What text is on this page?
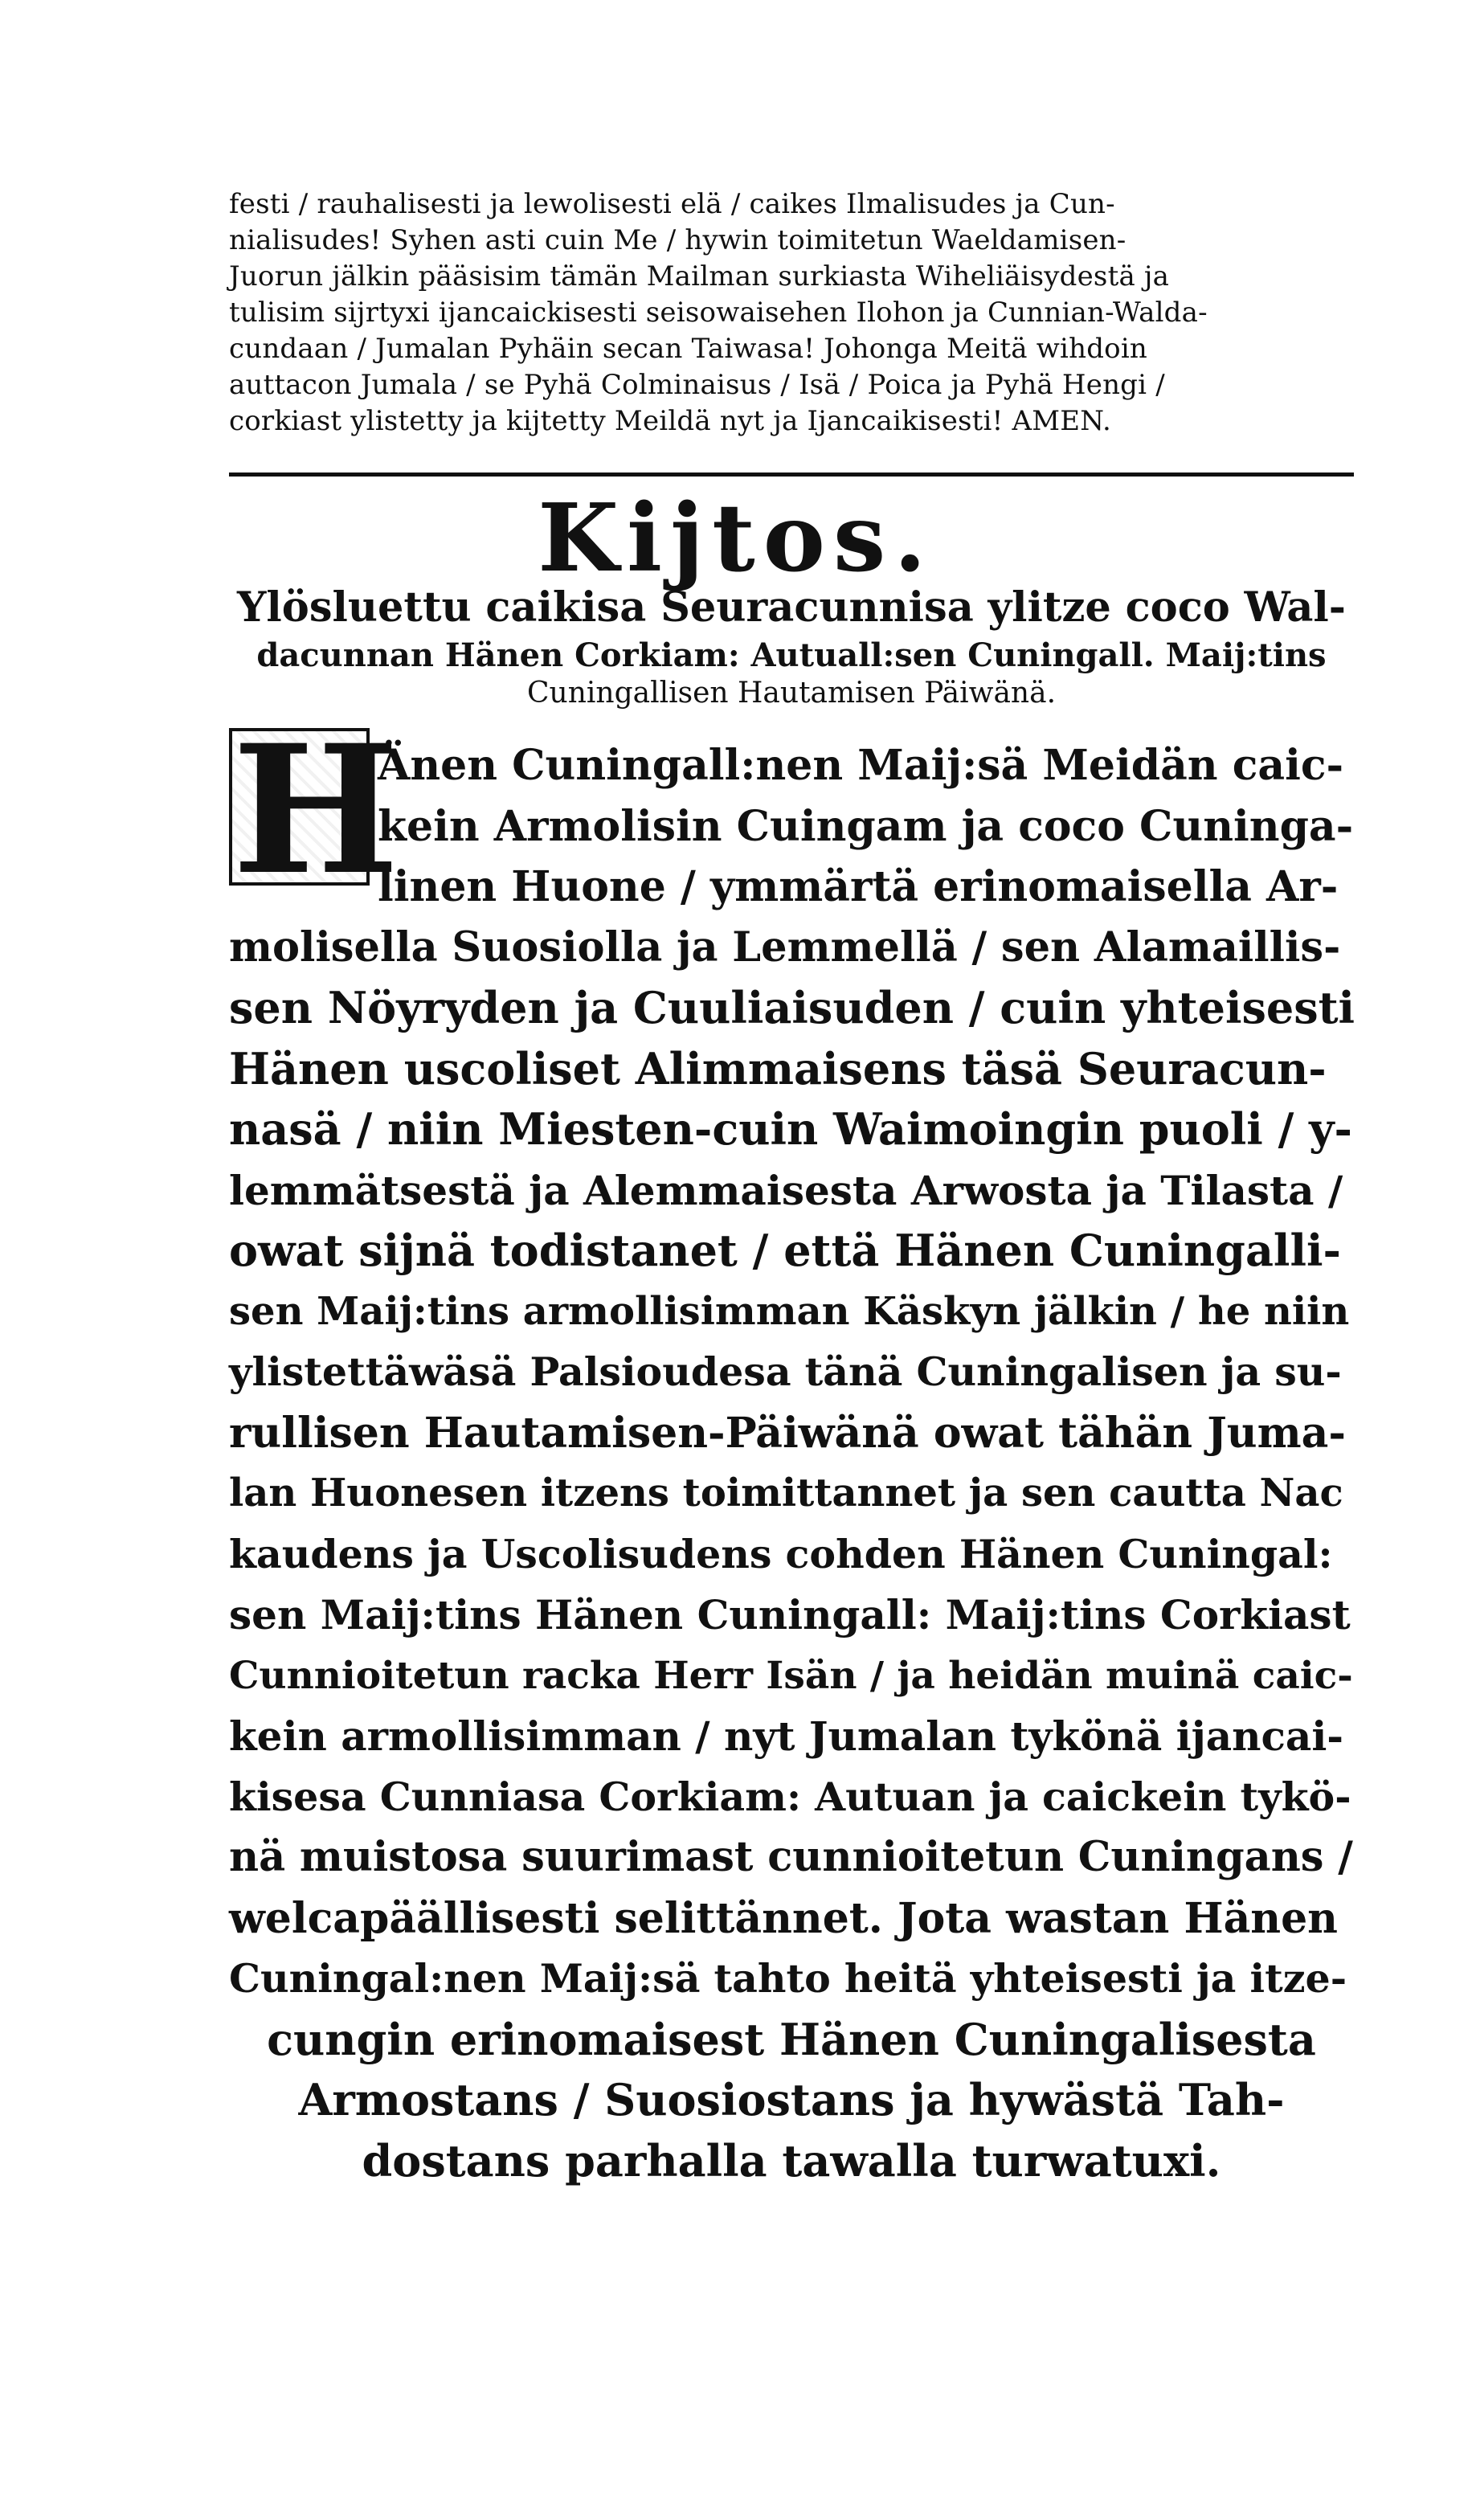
festi / rauhalisesti ja lewolisesti elä / caikes Ilmalisudes ja Cun-
nialisudes! Syhen asti cuin Me / hywin toimitetun Waeldamisen-
Juorun jälkin pääsisim tämän Mailman surkiasta Wiheliäisydestä ja
tulisim sijrtyxi ijancaickisesti seisowaisehen Ilohon ja Cunnian-Walda-
cundaan / Jumalan Pyhäin secan Taiwasa! Johonga Meitä wihdoin
auttacon Jumala / se Pyhä Colminaisus / Isä / Poica ja Pyhä Hengi /
corkiast ylistetty ja kijtetty Meildä nyt ja Ijancaikisesti! AMEN.
Kijtos.
Ylösluettu caikisa Seuracunnisa ylitze coco Wal-
dacunnan Hänen Corkiam: Autuall:sen Cuningall. Maij:tins
Cuningallisen Hautamisen Päiwänä.
H
Änen Cuningall:nen Maij:sä Meidän caic-
kein Armolisin Cuingam ja coco Cuninga-
linen Huone / ymmärtä erinomaisella Ar-
molisella Suosiolla ja Lemmellä / sen Alamaillis-
sen Nöyryden ja Cuuliaisuden / cuin yhteisesti
Hänen uscoliset Alimmaisens täsä Seuracun-
nasä / niin Miesten-cuin Waimoingin puoli / y-
lemmätsestä ja Alemmaisesta Arwosta ja Tilasta /
owat sijnä todistanet / että Hänen Cuningalli-
sen Maij:tins armollisimman Käskyn jälkin / he niin
ylistettäwäsä Palsioudesa tänä Cuningalisen ja su-
rullisen Hautamisen-Päiwänä owat tähän Juma-
lan Huonesen itzens toimittannet ja sen cautta Nac
kaudens ja Uscolisudens cohden Hänen Cuningal:
sen Maij:tins Hänen Cuningall: Maij:tins Corkiast
Cunnioitetun racka Herr Isän / ja heidän muinä caic-
kein armollisimman / nyt Jumalan tykönä ijancai-
kisesa Cunniasa Corkiam: Autuan ja caickein tykö-
nä muistosa suurimast cunnioitetun Cuningans /
welcapäällisesti selittännet. Jota wastan Hänen
Cuningal:nen Maij:sä tahto heitä yhteisesti ja itze-
cungin erinomaisest Hänen Cuningalisesta
Armostans / Suosiostans ja hywästä Tah-
dostans parhalla tawalla turwatuxi.
